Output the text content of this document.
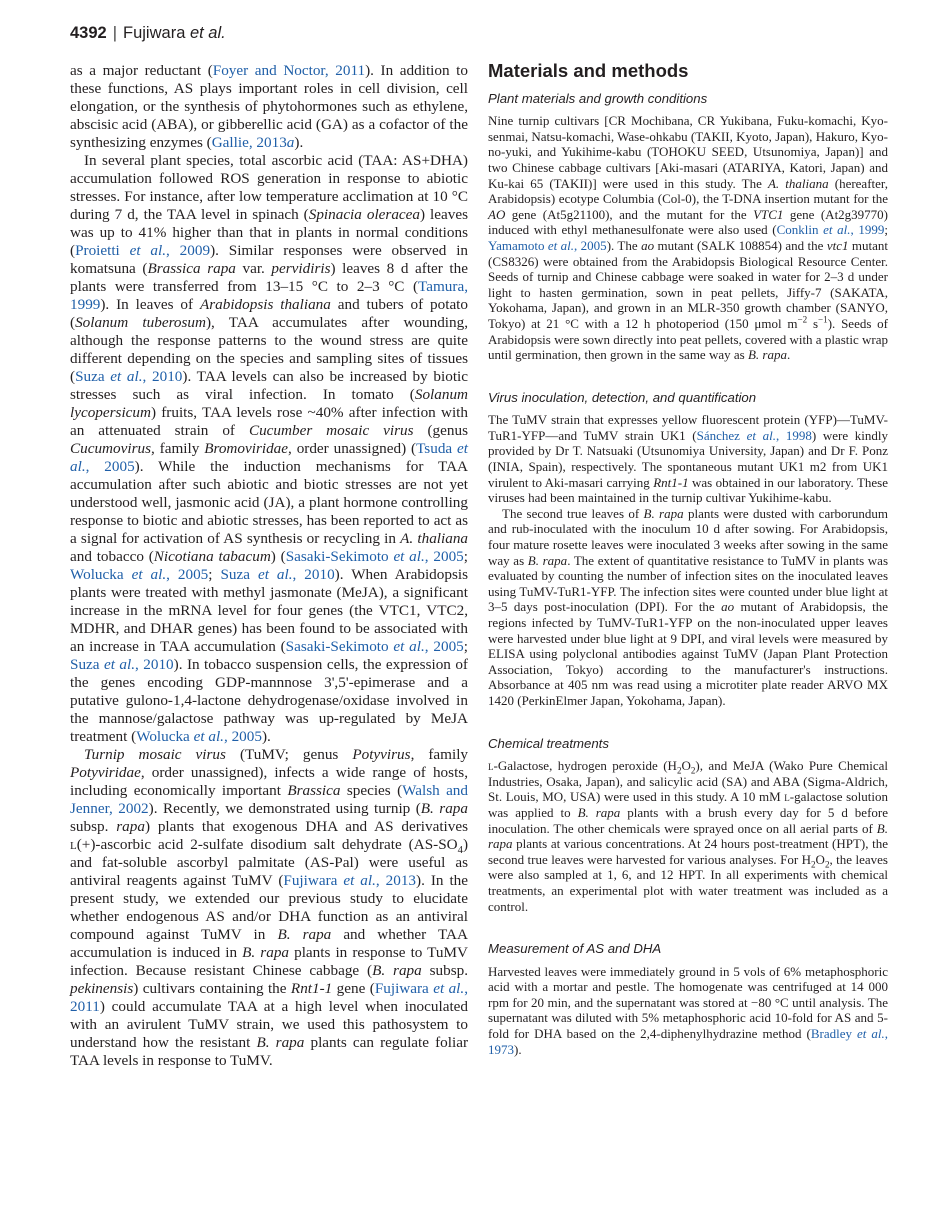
4392 | Fujiwara et al.

as a major reductant (Foyer and Noctor, 2011). In addition to these functions, AS plays important roles in cell division, cell elongation, or the synthesis of phytohormones such as ethylene, abscisic acid (ABA), or gibberellic acid (GA) as a cofactor of the synthesizing enzymes (Gallie, 2013a).

In several plant species, total ascorbic acid (TAA: AS+DHA) accumulation followed ROS generation in response to abiotic stresses. For instance, after low temperature acclimation at 10 °C during 7 d, the TAA level in spinach (Spinacia oleracea) leaves was up to 41% higher than that in plants in normal conditions (Proietti et al., 2009). Similar responses were observed in komatsuna (Brassica rapa var. pervidiris) leaves 8 d after the plants were transferred from 13–15 °C to 2–3 °C (Tamura, 1999). In leaves of Arabidopsis thaliana and tubers of potato (Solanum tuberosum), TAA accumulates after wounding, although the response patterns to the wound stress are quite different depending on the species and sampling sites of tissues (Suza et al., 2010). TAA levels can also be increased by biotic stresses such as viral infection. In tomato (Solanum lycopersicum) fruits, TAA levels rose ~40% after infection with an attenuated strain of Cucumber mosaic virus (genus Cucumovirus, family Bromoviridae, order unassigned) (Tsuda et al., 2005). While the induction mechanisms for TAA accumulation after such abiotic and biotic stresses are not yet understood well, jasmonic acid (JA), a plant hormone controlling response to biotic and abiotic stresses, has been reported to act as a signal for activation of AS synthesis or recycling in A. thaliana and tobacco (Nicotiana tabacum) (Sasaki-Sekimoto et al., 2005; Wolucka et al., 2005; Suza et al., 2010). When Arabidopsis plants were treated with methyl jasmonate (MeJA), a significant increase in the mRNA level for four genes (the VTC1, VTC2, MDHR, and DHAR genes) has been found to be associated with an increase in TAA accumulation (Sasaki-Sekimoto et al., 2005; Suza et al., 2010). In tobacco suspension cells, the expression of the genes encoding GDP-mannnose 3',5'-epimerase and a putative gulono-1,4-lactone dehydrogenase/oxidase involved in the mannose/galactose pathway was up-regulated by MeJA treatment (Wolucka et al., 2005).

Turnip mosaic virus (TuMV; genus Potyvirus, family Potyviridae, order unassigned), infects a wide range of hosts, including economically important Brassica species (Walsh and Jenner, 2002). Recently, we demonstrated using turnip (B. rapa subsp. rapa) plants that exogenous DHA and AS derivatives l(+)-ascorbic acid 2-sulfate disodium salt dehydrate $(AS-SO_4)$ and fat-soluble ascorbyl palmitate (AS-Pal) were useful as antiviral reagents against TuMV (Fujiwara et al., 2013). In the present study, we extended our previous study to elucidate whether endogenous AS and/or DHA function as an antiviral compound against TuMV in B. rapa and whether TAA accumulation is induced in B. rapa plants in response to TuMV infection. Because resistant Chinese cabbage (B. rapa subsp. pekinensis) cultivars containing the Rnt1-1 gene (Fujiwara et al., 2011) could accumulate TAA at a high level when inoculated with an avirulent TuMV strain, we used this pathosystem to understand how the resistant B. rapa plants can regulate foliar TAA levels in response to TuMV.

Materials and methods
Plant materials and growth conditions

Nine turnip cultivars [CR Mochibana, CR Yukibana, Fuku-komachi, Kyo-senmai, Natsu-komachi, Wase-ohkabu (TAKII, Kyoto, Japan), Hakuro, Kyo-no-yuki, and Yukihime-kabu (TOHOKU SEED, Utsunomiya, Japan)] and two Chinese cabbage cultivars [Aki-masari (ATARIYA, Katori, Japan) and Ku-kai 65 (TAKII)] were used in this study. The A. thaliana (hereafter, Arabidopsis) ecotype Columbia (Col-0), the T-DNA insertion mutant for the AO gene (At5g21100), and the mutant for the VTC1 gene (At2g39770) induced with ethyl methanesulfonate were also used (Conklin et al., 1999; Yamamoto et al., 2005). The ao mutant (SALK 108854) and the vtc1 mutant (CS8326) were obtained from the Arabidopsis Biological Resource Center. Seeds of turnip and Chinese cabbage were soaked in water for 2–3 d under light to hasten germination, sown in peat pellets, Jiffy-7 (SAKATA, Yokohama, Japan), and grown in an MLR-350 growth chamber (SANYO, Tokyo) at 21 °C with a 12 h photoperiod (150 μmol $m^{-2}$ $s^{-1}$). Seeds of Arabidopsis were sown directly into peat pellets, covered with a plastic wrap until germination, then grown in the same way as B. rapa.

Virus inoculation, detection, and quantification

The TuMV strain that expresses yellow fluorescent protein (YFP)—TuMV-TuR1-YFP—and TuMV strain UK1 (Sánchez et al., 1998) were kindly provided by Dr T. Natsuaki (Utsunomiya University, Japan) and Dr F. Ponz (INIA, Spain), respectively. The spontaneous mutant UK1 m2 from UK1 virulent to Aki-masari carrying Rnt1-1 was obtained in our laboratory. These viruses had been maintained in the turnip cultivar Yukihime-kabu.

The second true leaves of B. rapa plants were dusted with carborundum and rub-inoculated with the inoculum 10 d after sowing. For Arabidopsis, four mature rosette leaves were inoculated 3 weeks after sowing in the same way as B. rapa. The extent of quantitative resistance to TuMV in plants was evaluated by counting the number of infection sites on the inoculated leaves using TuMV-TuR1-YFP. The infection sites were counted under blue light at 3–5 days post-inoculation (DPI). For the ao mutant of Arabidopsis, the regions infected by TuMV-TuR1-YFP on the non-inoculated upper leaves were harvested under blue light at 9 DPI, and viral levels were measured by ELISA using polyclonal antibodies against TuMV (Japan Plant Protection Association, Tokyo) according to the manufacturer's instructions. Absorbance at 405 nm was read using a microtiter plate reader ARVO MX 1420 (PerkinElmer Japan, Yokohama, Japan).

Chemical treatments

l-Galactose, hydrogen peroxide $(H_2O_2)$, and MeJA (Wako Pure Chemical Industries, Osaka, Japan), and salicylic acid (SA) and ABA (Sigma-Aldrich, St. Louis, MO, USA) were used in this study. A 10 mM l-galactose solution was applied to B. rapa plants with a brush every day for 5 d before inoculation. The other chemicals were sprayed once on all aerial parts of B. rapa plants at various concentrations. At 24 hours post-treatment (HPT), the second true leaves were harvested for various analyses. For $H_2O_2$, the leaves were also sampled at 1, 6, and 12 HPT. In all experiments with chemical treatments, an experimental plot with water treatment was included as a control.

Measurement of AS and DHA

Harvested leaves were immediately ground in 5 vols of 6% metaphosphoric acid with a mortar and pestle. The homogenate was centrifuged at 14 000 rpm for 20 min, and the supernatant was stored at −80 °C until analysis. The supernatant was diluted with 5% metaphosphoric acid 10-fold for AS and 5-fold for DHA based on the 2,4-diphenylhydrazine method (Bradley et al., 1973).
